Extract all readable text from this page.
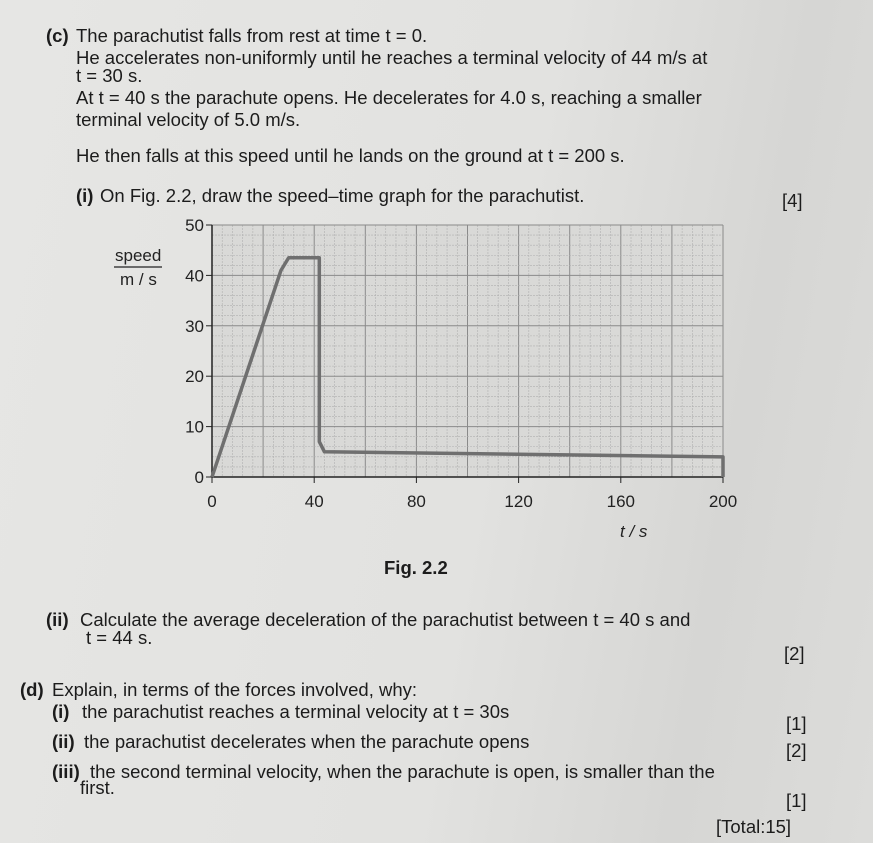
(c) The parachutist falls from rest at time t = 0.
He accelerates non-uniformly until he reaches a terminal velocity of 44 m/s at
t = 30 s.
At t = 40 s the parachute opens. He decelerates for 4.0 s, reaching a smaller
terminal velocity of 5.0 m/s.
He then falls at this speed until he lands on the ground at t = 200 s.
(i) On Fig. 2.2, draw the speed–time graph for the parachutist.	[4]
speed
m / s
0	40	80	120	160	200
0
10
20
30
40
50
t / s
Fig. 2.2
(ii) Calculate the average deceleration of the parachutist between t = 40 s and
t = 44 s.
[2]
(d) Explain, in terms of the forces involved, why:
(i) the parachutist reaches a terminal velocity at t = 30s
[1]
(ii) the parachutist decelerates when the parachute opens	[2]
(iii) the second terminal velocity, when the parachute is open, is smaller than the
first.
[1]
[Total:15]
